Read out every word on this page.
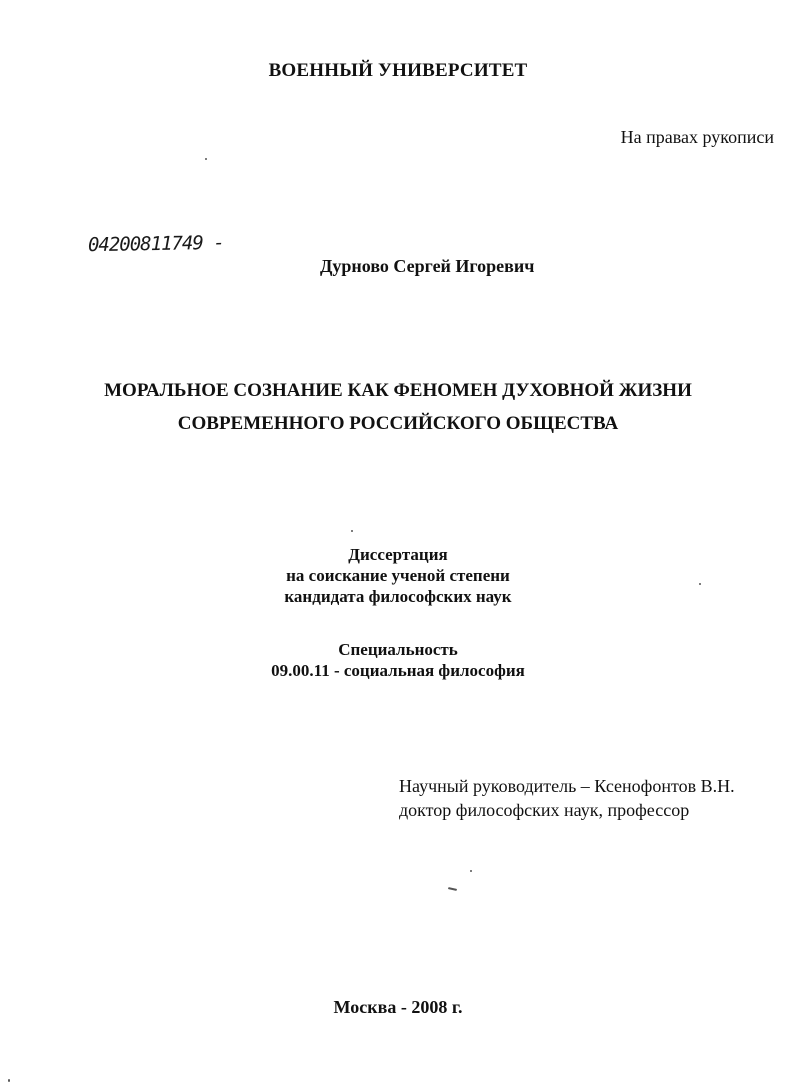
ВОЕННЫЙ УНИВЕРСИТЕТ

На правах рукописи

04200811749 -

Дурново Сергей Игоревич

МОРАЛЬНОЕ СОЗНАНИЕ КАК ФЕНОМЕН ДУХОВНОЙ ЖИЗНИ

СОВРЕМЕННОГО РОССИЙСКОГО ОБЩЕСТВА

Диссертация

на соискание ученой степени

кандидата философских наук

Специальность

09.00.11 - социальная философия

Научный руководитель – Ксенофонтов В.Н.

доктор философских наук, профессор

Москва - 2008 г.
